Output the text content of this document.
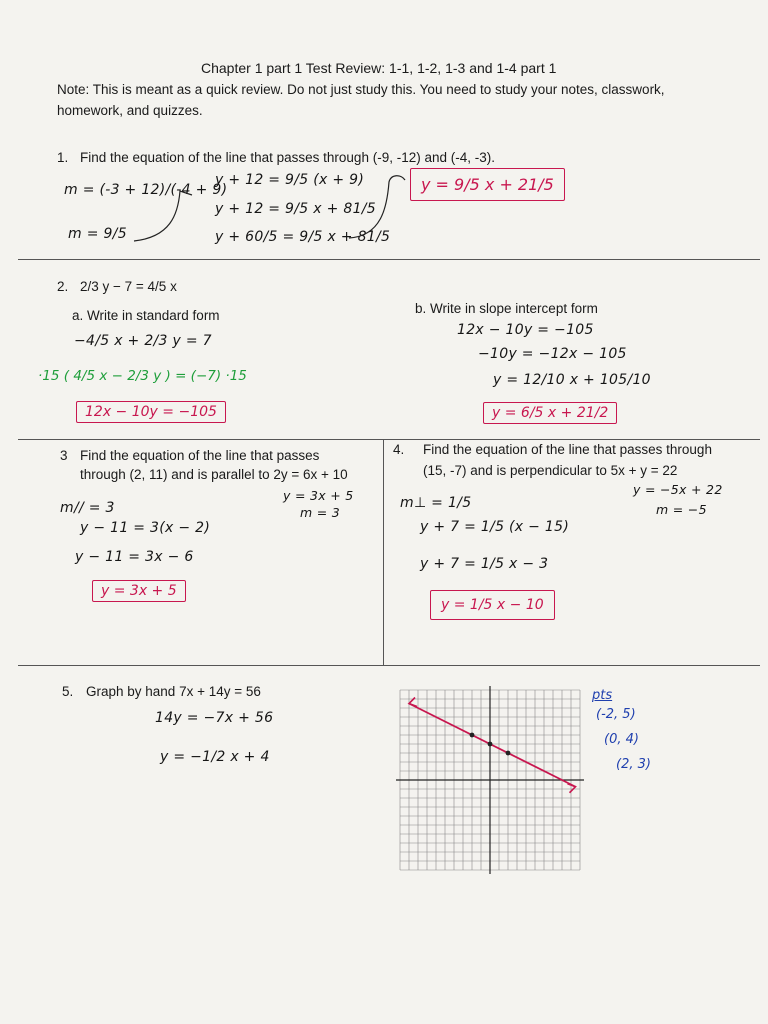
Chapter 1 part 1 Test Review: 1-1, 1-2, 1-3 and 1-4 part 1
Note: This is meant as a quick review. Do not just study this. You need to study your notes, classwork, homework, and quizzes.
1. Find the equation of the line that passes through (-9, -12) and (-4, -3).
m = (-3 + 12)/(-4 + 9)
m = 9/5
y + 12 = 9/5 (x + 9)
y + 12 = 9/5 x + 81/5
y + 60/5 = 9/5 x + 81/5
y = 9/5 x + 21/5
2. 2/3 y − 7 = 4/5 x
a. Write in standard form
−4/5 x + 2/3 y = 7
·15 ( 4/5 x − 2/3 y ) = (−7) ·15
12x − 10y = −105
b. Write in slope intercept form
12x − 10y = −105
−10y = −12x − 105
y = 12/10 x + 105/10
y = 6/5 x + 21/2
3 Find the equation of the line that passes
through (2, 11) and is parallel to 2y = 6x + 10
y = 3x + 5
m = 3
m// = 3
y − 11 = 3(x − 2)
y − 11 = 3x − 6
y = 3x + 5
4. Find the equation of the line that passes through
(15, -7) and is perpendicular to 5x + y = 22
y = −5x + 22
m = −5
m⊥ = 1/5
y + 7 = 1/5 (x − 15)
y + 7 = 1/5 x − 3
y = 1/5 x − 10
5. Graph by hand 7x + 14y = 56
14y = −7x + 56
y = −1/2 x + 4
pts
(-2, 5)
(0, 4)
(2, 3)
